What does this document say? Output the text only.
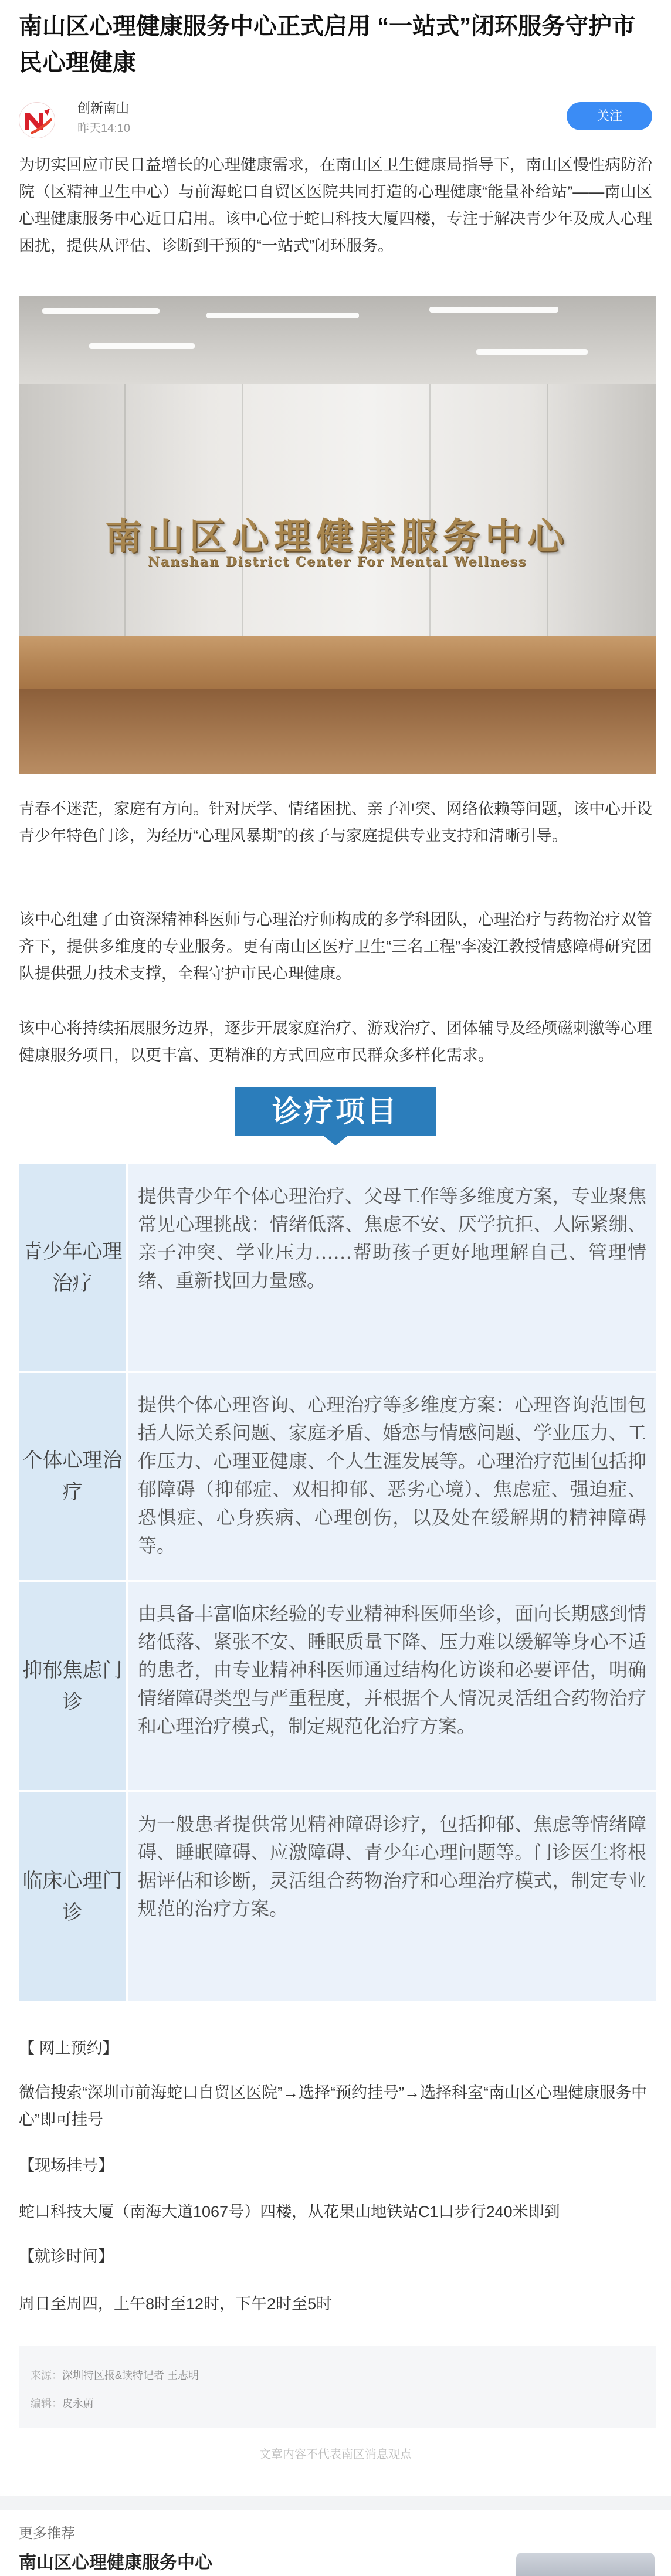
南山区心理健康服务中心正式启用 “一站式”闭环服务守护市民心理健康
创新南山
昨天14:10
关注

为切实回应市民日益增长的心理健康需求，在南山区卫生健康局指导下，南山区慢性病防治院（区精神卫生中心）与前海蛇口自贸区医院共同打造的心理健康“能量补给站”——南山区心理健康服务中心近日启用。该中心位于蛇口科技大厦四楼，专注于解决青少年及成人心理困扰，提供从评估、诊断到干预的“一站式”闭环服务。

南山区心理健康服务中心
Nanshan District Center For Mental Wellness

青春不迷茫，家庭有方向。针对厌学、情绪困扰、亲子冲突、网络依赖等问题，该中心开设青少年特色门诊，为经历“心理风暴期”的孩子与家庭提供专业支持和清晰引导。

该中心组建了由资深精神科医师与心理治疗师构成的多学科团队，心理治疗与药物治疗双管齐下，提供多维度的专业服务。更有南山区医疗卫生“三名工程”李凌江教授情感障碍研究团队提供强力技术支撑，全程守护市民心理健康。

该中心将持续拓展服务边界，逐步开展家庭治疗、游戏治疗、团体辅导及经颅磁刺激等心理健康服务项目，以更丰富、更精准的方式回应市民群众多样化需求。

诊疗项目
青少年心理治疗
提供青少年个体心理治疗、父母工作等多维度方案，专业聚焦常见心理挑战：情绪低落、焦虑不安、厌学抗拒、人际紧绷、亲子冲突、学业压力……帮助孩子更好地理解自己、管理情绪、重新找回力量感。
个体心理治疗
提供个体心理咨询、心理治疗等多维度方案：心理咨询范围包括人际关系问题、家庭矛盾、婚恋与情感问题、学业压力、工作压力、心理亚健康、个人生涯发展等。心理治疗范围包括抑郁障碍（抑郁症、双相抑郁、恶劣心境）、焦虑症、强迫症、恐惧症、心身疾病、心理创伤，以及处在缓解期的精神障碍等。
抑郁焦虑门诊
由具备丰富临床经验的专业精神科医师坐诊，面向长期感到情绪低落、紧张不安、睡眠质量下降、压力难以缓解等身心不适的患者，由专业精神科医师通过结构化访谈和必要评估，明确情绪障碍类型与严重程度，并根据个人情况灵活组合药物治疗和心理治疗模式，制定规范化治疗方案。
临床心理门诊
为一般患者提供常见精神障碍诊疗，包括抑郁、焦虑等情绪障碍、睡眠障碍、应激障碍、青少年心理问题等。门诊医生将根据评估和诊断，灵活组合药物治疗和心理治疗模式，制定专业规范的治疗方案。
【 网上预约】
微信搜索“深圳市前海蛇口自贸区医院”→选择“预约挂号”→选择科室“南山区心理健康服务中心”即可挂号
【现场挂号】
蛇口科技大厦（南海大道1067号）四楼，从花果山地铁站C1口步行240米即到
【就诊时间】
周日至周四，上午8时至12时，下午2时至5时
来源：深圳特区报&读特记者 王志明
编辑：皮永蔚
文章内容不代表南区消息观点
更多推荐
南山区心理健康服务中心
